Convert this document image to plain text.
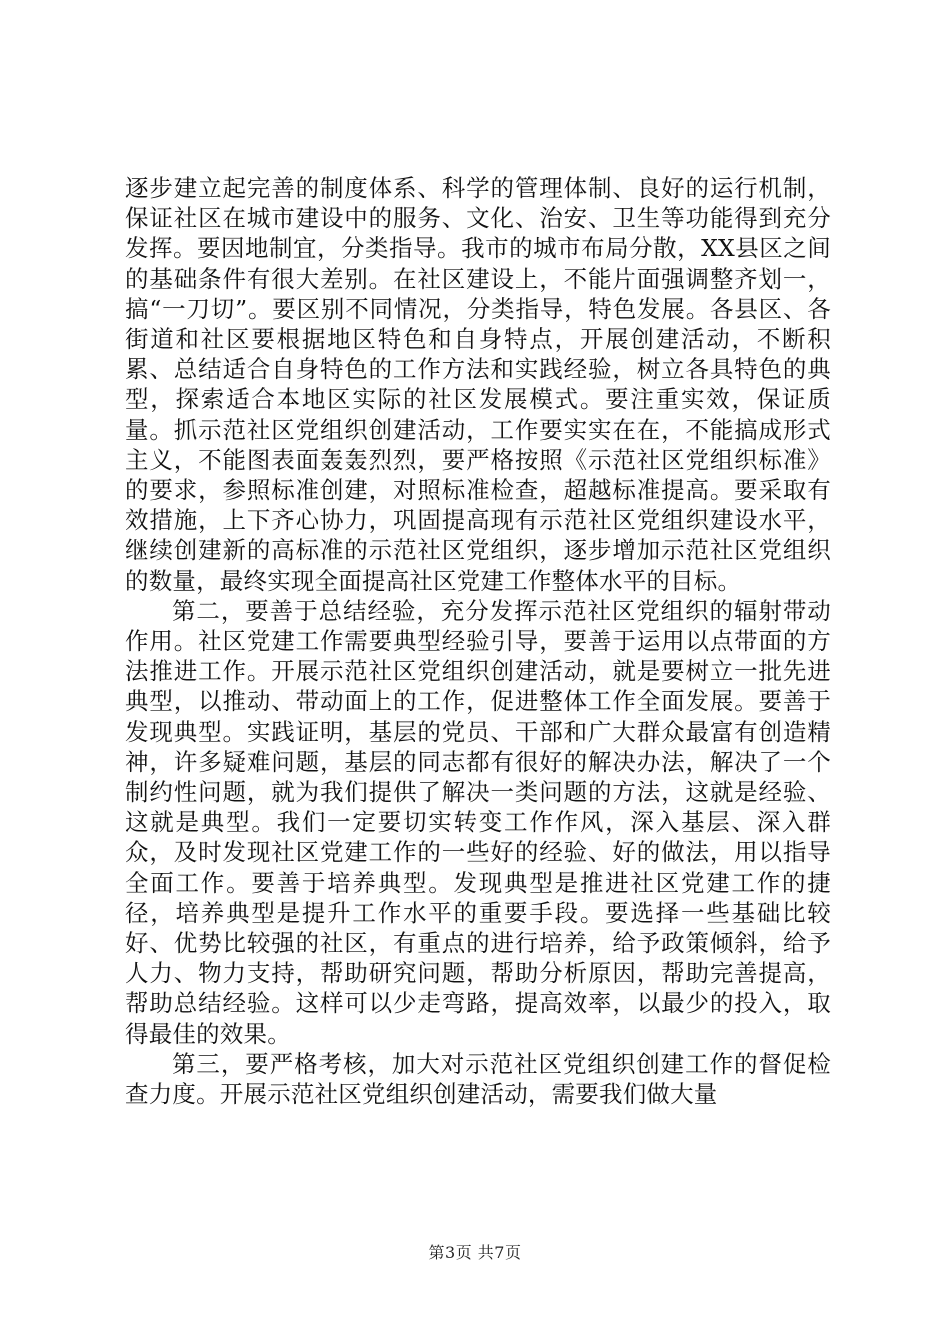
逐步建立起完善的制度体系、科学的管理体制、良好的运行机制，保证社区在城市建设中的服务、文化、治安、卫生等功能得到充分发挥。要因地制宜，分类指导。我市的城市布局分散，XX县区之间的基础条件有很大差别。在社区建设上，不能片面强调整齐划一，搞“一刀切”。要区别不同情况，分类指导，特色发展。各县区、各街道和社区要根据地区特色和自身特点，开展创建活动，不断积累、总结适合自身特色的工作方法和实践经验，树立各具特色的典型，探索适合本地区实际的社区发展模式。要注重实效，保证质量。抓示范社区党组织创建活动，工作要实实在在，不能搞成形式主义，不能图表面轰轰烈烈，要严格按照《示范社区党组织标准》的要求，参照标准创建，对照标准检查，超越标准提高。要采取有效措施，上下齐心协力，巩固提高现有示范社区党组织建设水平，继续创建新的高标准的示范社区党组织，逐步增加示范社区党组织的数量，最终实现全面提高社区党建工作整体水平的目标。

第二，要善于总结经验，充分发挥示范社区党组织的辐射带动作用。社区党建工作需要典型经验引导，要善于运用以点带面的方法推进工作。开展示范社区党组织创建活动，就是要树立一批先进典型，以推动、带动面上的工作，促进整体工作全面发展。要善于发现典型。实践证明，基层的党员、干部和广大群众最富有创造精神，许多疑难问题，基层的同志都有很好的解决办法，解决了一个制约性问题，就为我们提供了解决一类问题的方法，这就是经验、这就是典型。我们一定要切实转变工作作风，深入基层、深入群众，及时发现社区党建工作的一些好的经验、好的做法，用以指导全面工作。要善于培养典型。发现典型是推进社区党建工作的捷径，培养典型是提升工作水平的重要手段。要选择一些基础比较好、优势比较强的社区，有重点的进行培养，给予政策倾斜，给予人力、物力支持，帮助研究问题，帮助分析原因，帮助完善提高，帮助总结经验。这样可以少走弯路，提高效率，以最少的投入，取得最佳的效果。

第三，要严格考核，加大对示范社区党组织创建工作的督促检查力度。开展示范社区党组织创建活动，需要我们做大量

第3页 共7页
